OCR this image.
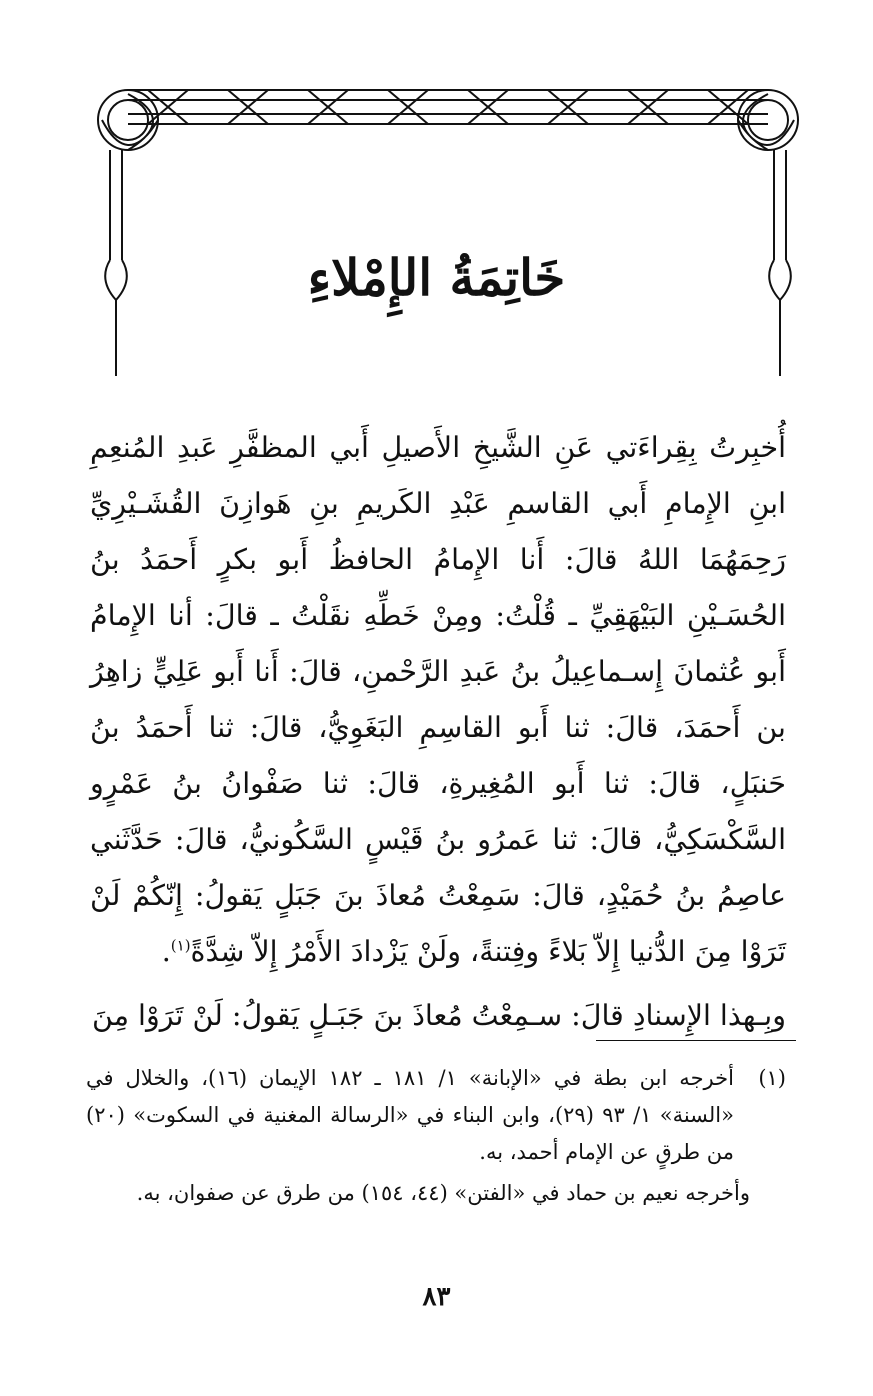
خَاتِمَةُ الإِمْلاءِ

أُخبِرتُ بِقِراءَتي عَنِ الشَّيخِ الأَصيلِ أَبي المظفَّرِ عَبدِ المُنعِمِ ابنِ الإِمامِ أَبي القاسمِ عَبْدِ الكَريمِ بنِ هَوازِنَ القُشَـيْرِيِّ رَحِمَهُمَا اللهُ قالَ: أَنا الإِمامُ الحافظُ أَبو بكرٍ أَحمَدُ بنُ الحُسَـيْنِ البَيْهَقِيِّ ـ قُلْتُ: ومِنْ خَطِّهِ نقَلْتُ ـ قالَ: أنا الإِمامُ أَبو عُثمانَ إِسـماعِيلُ بنُ عَبدِ الرَّحْمنِ، قالَ: أَنا أَبو عَلِيٍّ زاهِرُ بن أَحمَدَ، قالَ: ثنا أَبو القاسِمِ البَغَوِيُّ، قالَ: ثنا أَحمَدُ بنُ حَنبَلٍ، قالَ: ثنا أَبو المُغِيرةِ، قالَ: ثنا صَفْوانُ بنُ عَمْرٍو السَّكْسَكِيُّ، قالَ: ثنا عَمرُو بنُ قَيْسٍ السَّكُونيُّ، قالَ: حَدَّثَني عاصِمُ بنُ حُمَيْدٍ، قالَ: سَمِعْتُ مُعاذَ بنَ جَبَلٍ يَقولُ: إِنّكُمْ لَنْ تَرَوْا مِنَ الدُّنيا إِلاّ بَلاءً وفِتنةً، ولَنْ يَزْدادَ الأَمْرُ إِلاّ شِدَّةً$^{(١)}$.

وبِـهذا الإِسنادِ قالَ: سـمِعْتُ مُعاذَ بنَ جَبَـلٍ يَقولُ: لَنْ تَرَوْا مِنَ

(١)
أخرجه ابن بطة في «الإبانة» ١/ ١٨١ ـ ١٨٢ الإيمان (١٦)، والخلال في «السنة» ١/ ٩٣ (٢٩)، وابن البناء في «الرسالة المغنية في السكوت» (٢٠) من طرقٍ عن الإمام أحمد، به.
وأخرجه نعيم بن حماد في «الفتن» (٤٤، ١٥٤) من طرق عن صفوان، به.
٨٣
